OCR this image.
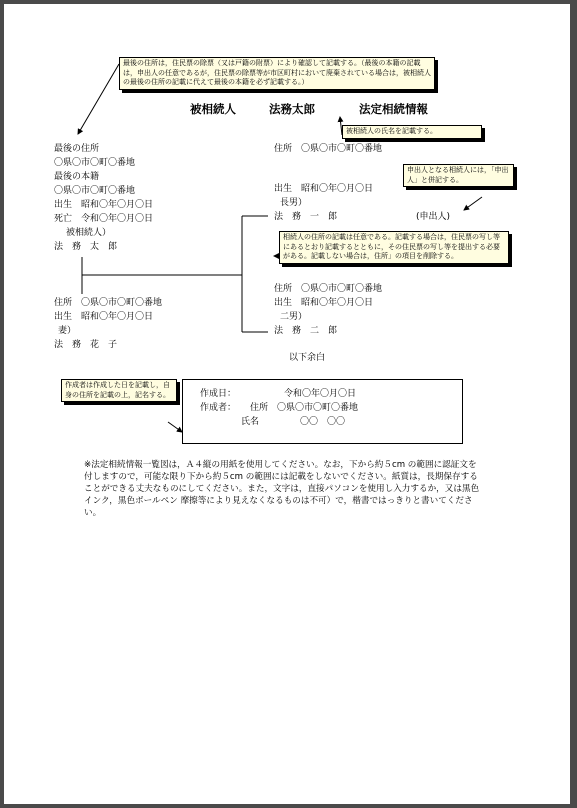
最後の住所は，住民票の除票（又は戸籍の附票）により確認して記載する。（最後の本籍の記載は，申出人の任意であるが，住民票の除票等が市区町村において廃棄されている場合は，被相続人の最後の住所の記載に代えて最後の本籍を必ず記載する。）
被相続人	法務太郎	法定相続情報
被相続人の氏名を記載する。
最後の住所
〇県〇市〇町〇番地
最後の本籍
〇県〇市〇町〇番地
出生　昭和〇年〇月〇日
死亡　令和〇年〇月〇日
被相続人）
法　務　太　郎
住所　〇県〇市〇町〇番地
出生　昭和〇年〇月〇日
妻）
法　務　花　子
住所　〇県〇市〇町〇番地
申出人となる相続人には，「申出人」と併記する。
出生　昭和〇年〇月〇日
長男）
法　務　一　郎	(申出人)
相続人の住所の記載は任意である。記載する場合は，住民票の写し等にあるとおり記載するとともに，その住民票の写し等を提出する必要がある。記載しない場合は，住所」の項目を削除する。
住所　〇県〇市〇町〇番地
出生　昭和〇年〇月〇日
二男）
法　務　二　郎
以下余白
作成者は作成した日を記載し，自身の住所を記載の上，記名する。	作成日：	令和〇年〇月〇日
作成者： 住所　〇県〇市〇町〇番地
氏名	〇〇　〇〇
※法定相続情報一覧図は，Ａ４縦の用紙を使用してください。なお，下から約５cm の範囲に認証文を付しますので，可能な限り下から約５cm の範囲には記載をしないでください。紙質は，長期保存することができる丈夫なものにしてください。また，文字は，直接パソコンを使用し入力するか，又は黒色インク，黒色ボールペン 摩擦等により見えなくなるものは不可）で，楷書ではっきりと書いてください。
